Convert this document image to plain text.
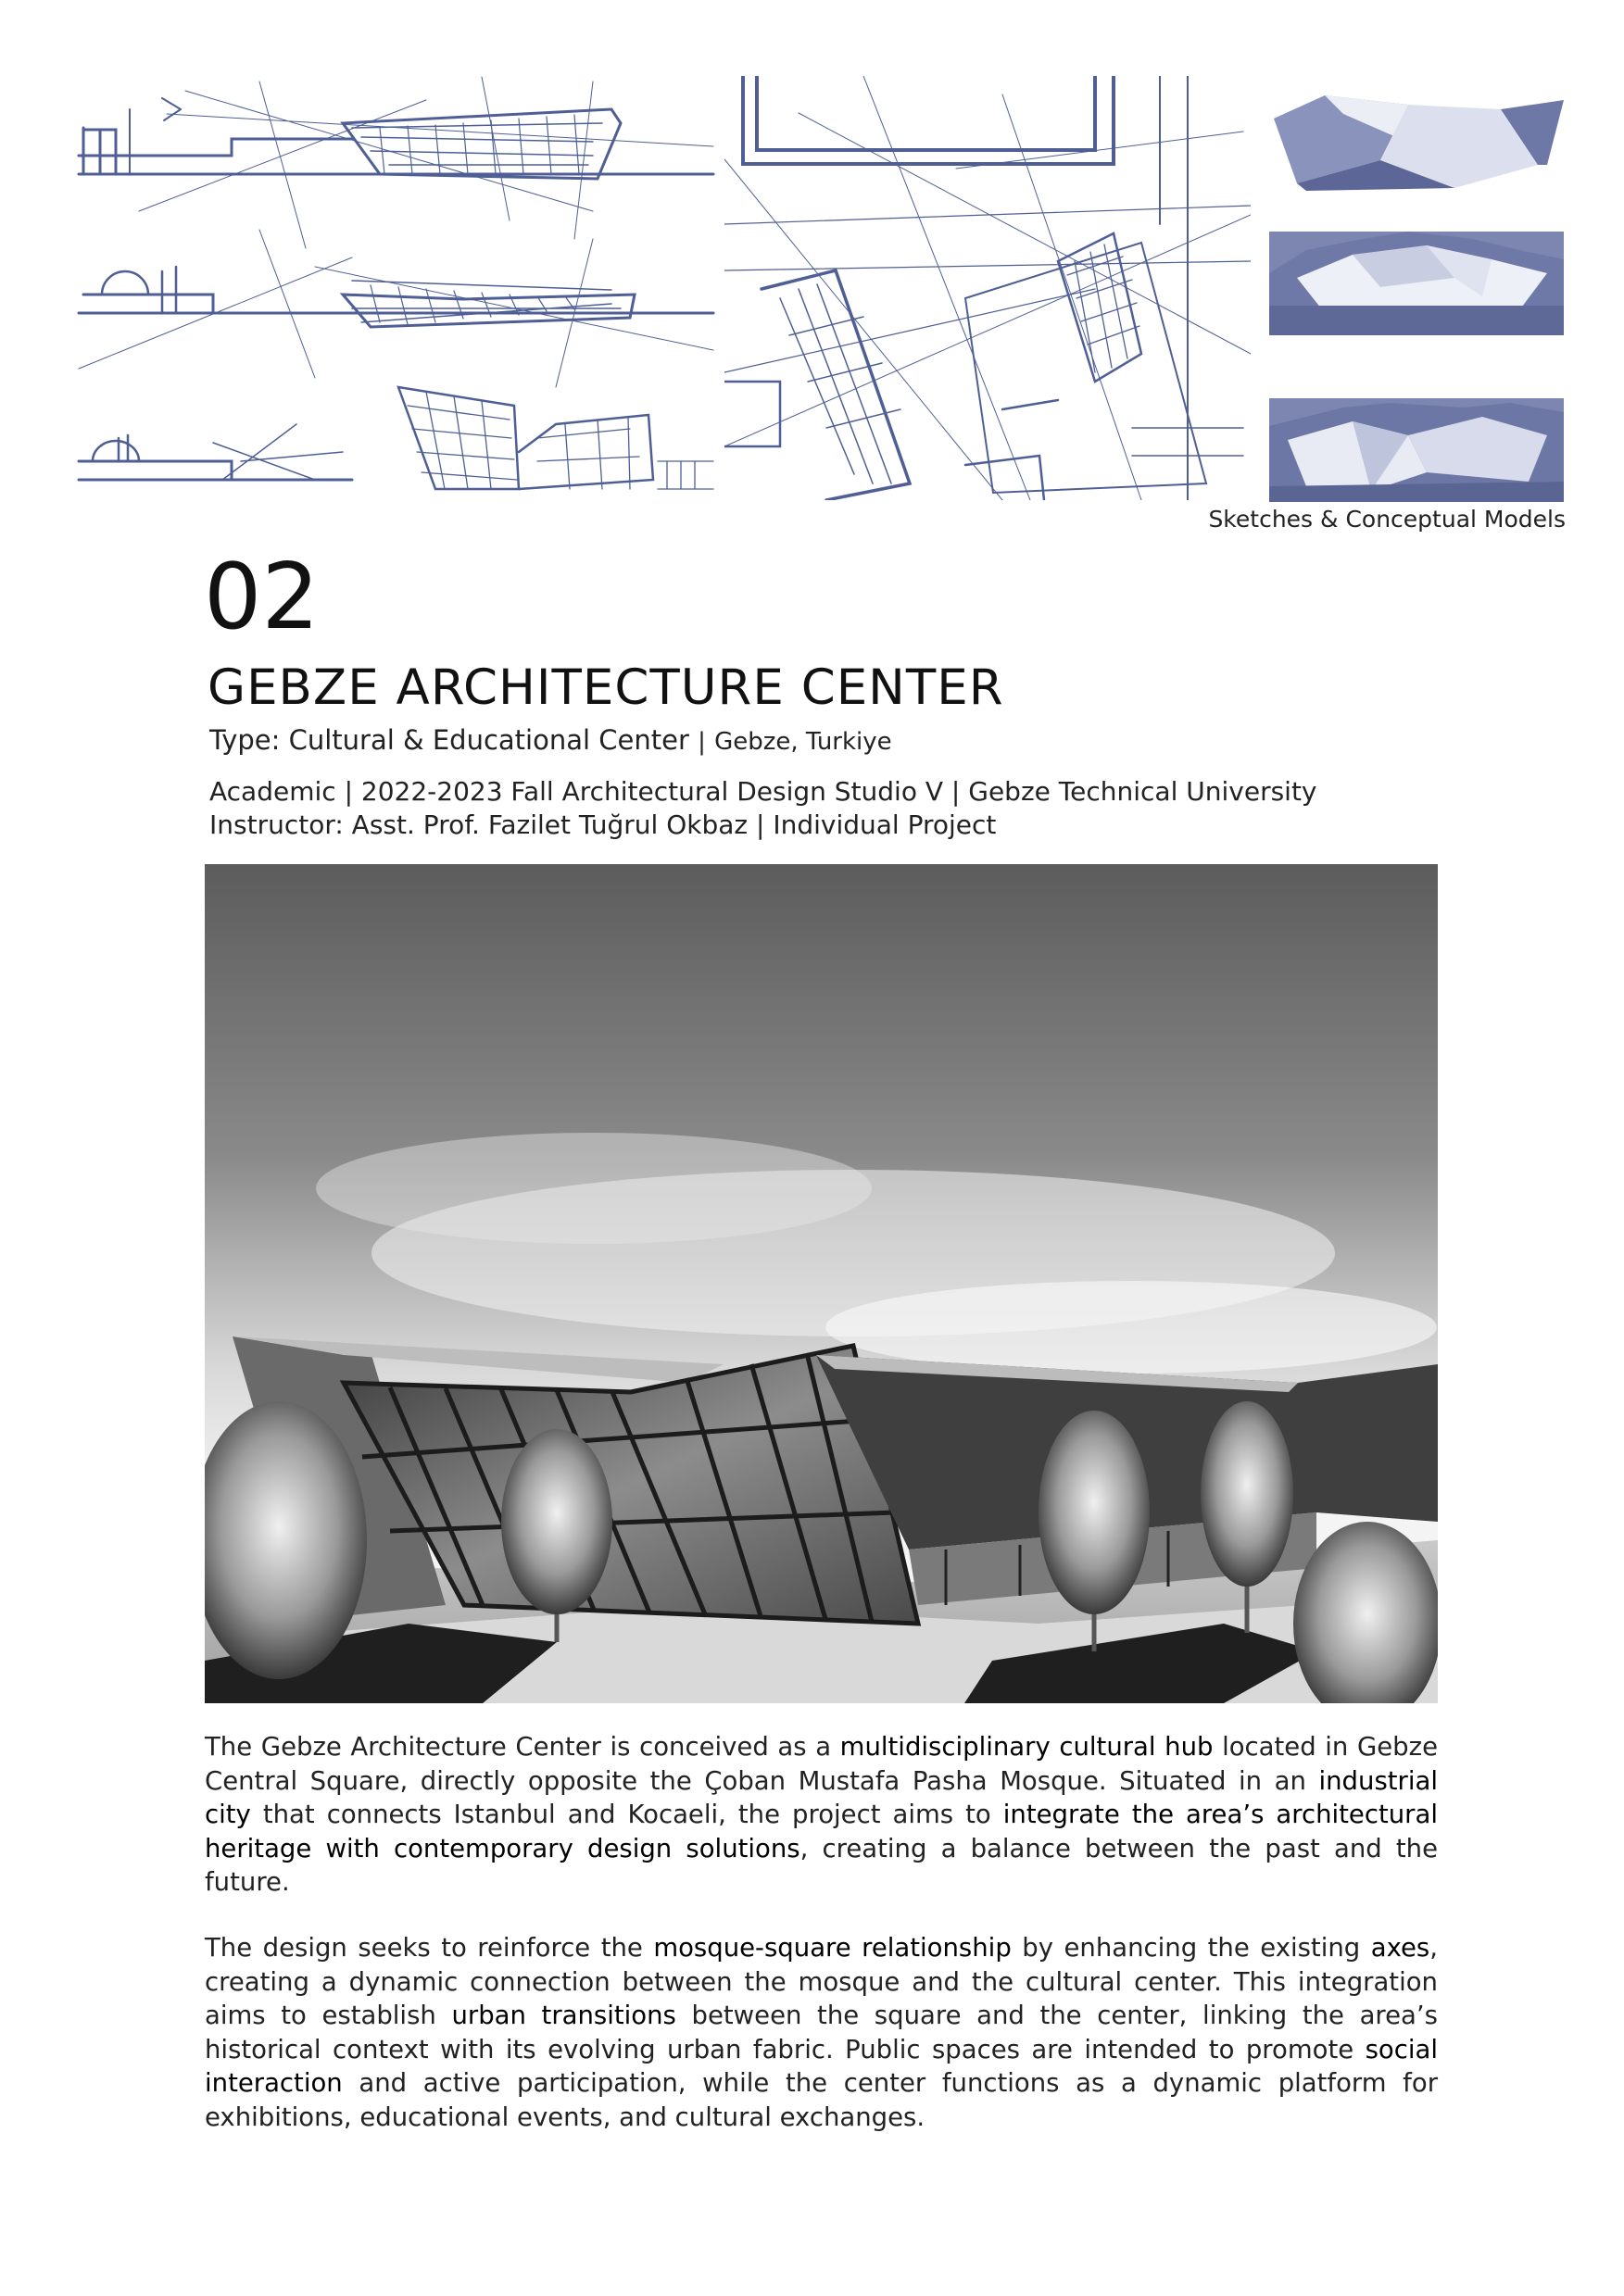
Sketches & Conceptual Models
02
GEBZE ARCHITECTURE CENTER
Type: Cultural & Educational Center | Gebze, Turkiye
Academic | 2022-2023 Fall Architectural Design Studio V | Gebze Technical University
Instructor: Asst. Prof. Fazilet Tuğrul Okbaz | Individual Project
The Gebze Architecture Center is conceived as a multidisciplinary cultural hub located in Gebze Central Square, directly opposite the Çoban Mustafa Pasha Mosque. Situated in an industrial city that connects Istanbul and Kocaeli, the project aims to integrate the area’s architectural heritage with contemporary design solutions, creating a balance between the past and the future.
The design seeks to reinforce the mosque-square relationship by enhancing the existing axes, creating a dynamic connection between the mosque and the cultural center. This integration aims to establish urban transitions between the square and the center, linking the area’s historical context with its evolving urban fabric. Public spaces are intended to promote social interaction and active participation, while the center functions as a dynamic platform for exhibitions, educational events, and cultural exchanges.
